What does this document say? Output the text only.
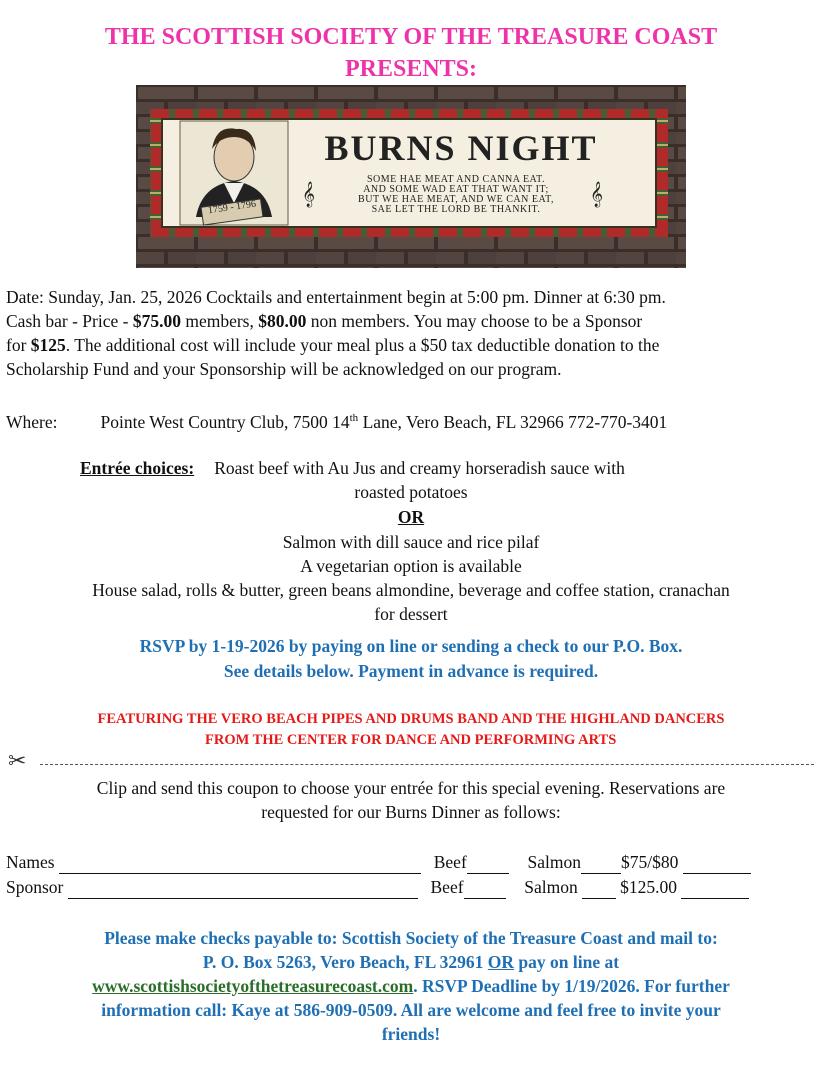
THE SCOTTISH SOCIETY OF THE TREASURE COAST
PRESENTS:
BURNS NIGHT
1759 - 1796
SOME HAE MEAT AND CANNA EAT.
AND SOME WAD EAT THAT WANT IT;
BUT WE HAE MEAT, AND WE CAN EAT,
SAE LET THE LORD BE THANKIT.
𝄞	𝄞
Date: Sunday, Jan. 25, 2026 Cocktails and entertainment begin at 5:00 pm. Dinner at 6:30 pm.
Cash bar - Price - $75.00 members, $80.00 non members. You may choose to be a Sponsor
for $125. The additional cost will include your meal plus a $50 tax deductible donation to the
Scholarship Fund and your Sponsorship will be acknowledged on our program.
Where: Pointe West Country Club, 7500 14th Lane, Vero Beach, FL 32966 772-770-3401
Entrée choices: Roast beef with Au Jus and creamy horseradish sauce with
roasted potatoes
OR
Salmon with dill sauce and rice pilaf
A vegetarian option is available
House salad, rolls & butter, green beans almondine, beverage and coffee station, cranachan
for dessert
RSVP by 1-19-2026 by paying on line or sending a check to our P.O. Box.
See details below. Payment in advance is required.
FEATURING THE VERO BEACH PIPES AND DRUMS BAND AND THE HIGHLAND DANCERS
FROM THE CENTER FOR DANCE AND PERFORMING ARTS
✂
Clip and send this coupon to choose your entrée for this special evening. Reservations are
requested for our Burns Dinner as follows:
Names	Beef	Salmon $75/$80
Sponsor	Beef	Salmon $125.00
Please make checks payable to: Scottish Society of the Treasure Coast and mail to:
P. O. Box 5263, Vero Beach, FL 32961 OR pay on line at
www.scottishsocietyofthetreasurecoast.com. RSVP Deadline by 1/19/2026. For further
information call: Kaye at 586-909-0509. All are welcome and feel free to invite your
friends!
